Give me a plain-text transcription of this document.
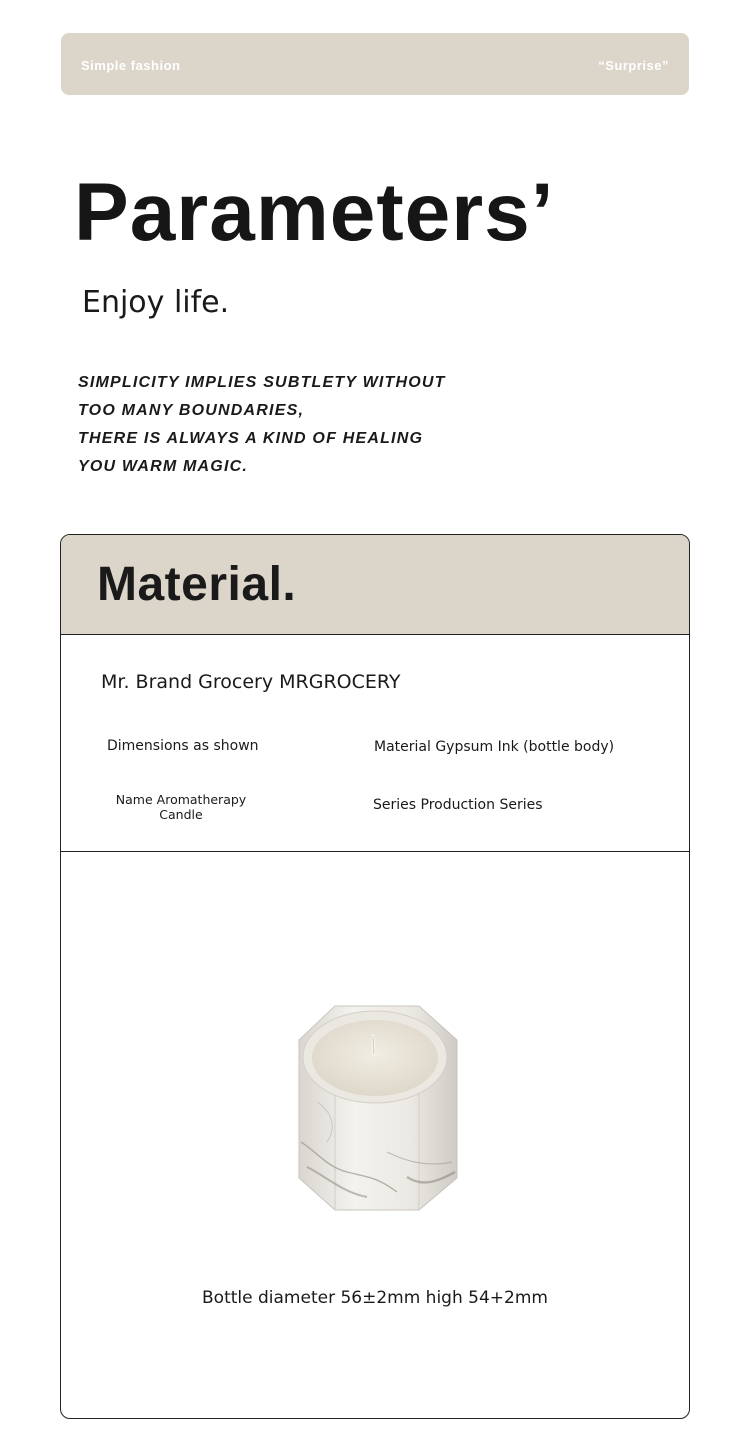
Simple fashion	“Surprise”
Parameters’
Enjoy life.
SIMPLICITY IMPLIES SUBTLETY WITHOUT
TOO MANY BOUNDARIES,
THERE IS ALWAYS A KIND OF HEALING
YOU WARM MAGIC.
Material.
Mr. Brand Grocery MRGROCERY
Dimensions as shown	Material Gypsum Ink (bottle body)
Name Aromatherapy Candle
Series Production Series
Bottle diameter 56±2mm high 54+2mm
